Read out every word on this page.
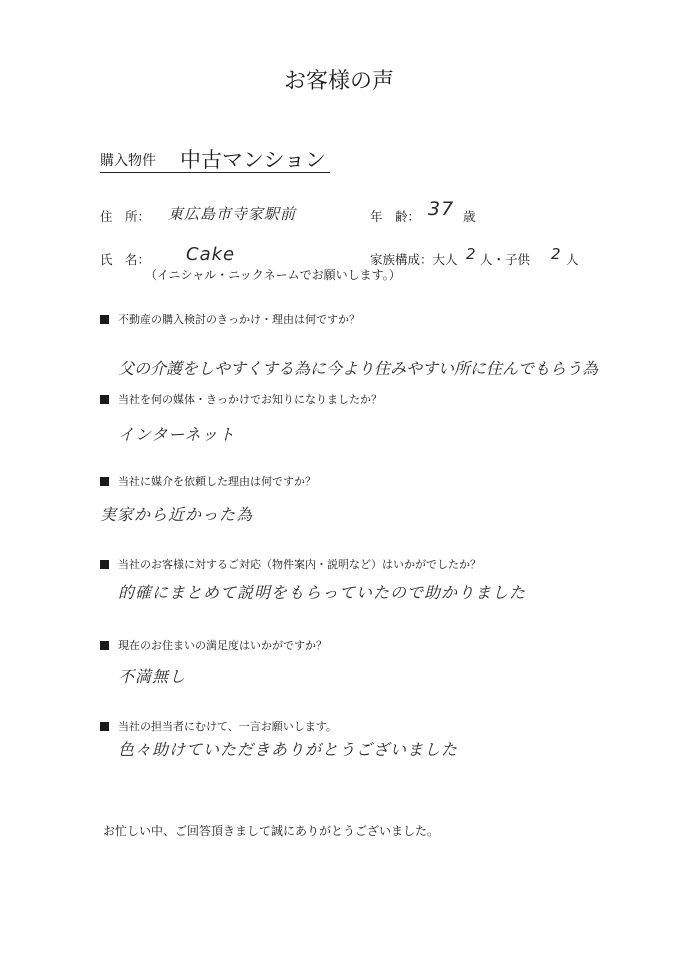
お客様の声
購入物件 中古マンション
住　所： 東広島市寺家駅前	年　齢： 37 歳
氏　名： Cake
（イニシャル・ニックネームでお願いします。）
家族構成：大人 2 人・子供 2 人
不動産の購入検討のきっかけ・理由は何ですか？
父の介護をしやすくする為に今より住みやすい所に住んでもらう為
当社を何の媒体・きっかけでお知りになりましたか？
インターネット
当社に媒介を依頼した理由は何ですか？
実家から近かった為
当社のお客様に対するご対応（物件案内・説明など）はいかがでしたか？
的確にまとめて説明をもらっていたので助かりました
現在のお住まいの満足度はいかがですか？
不満無し
当社の担当者にむけて、一言お願いします。
色々助けていただきありがとうございました
お忙しい中、ご回答頂きまして誠にありがとうございました。
